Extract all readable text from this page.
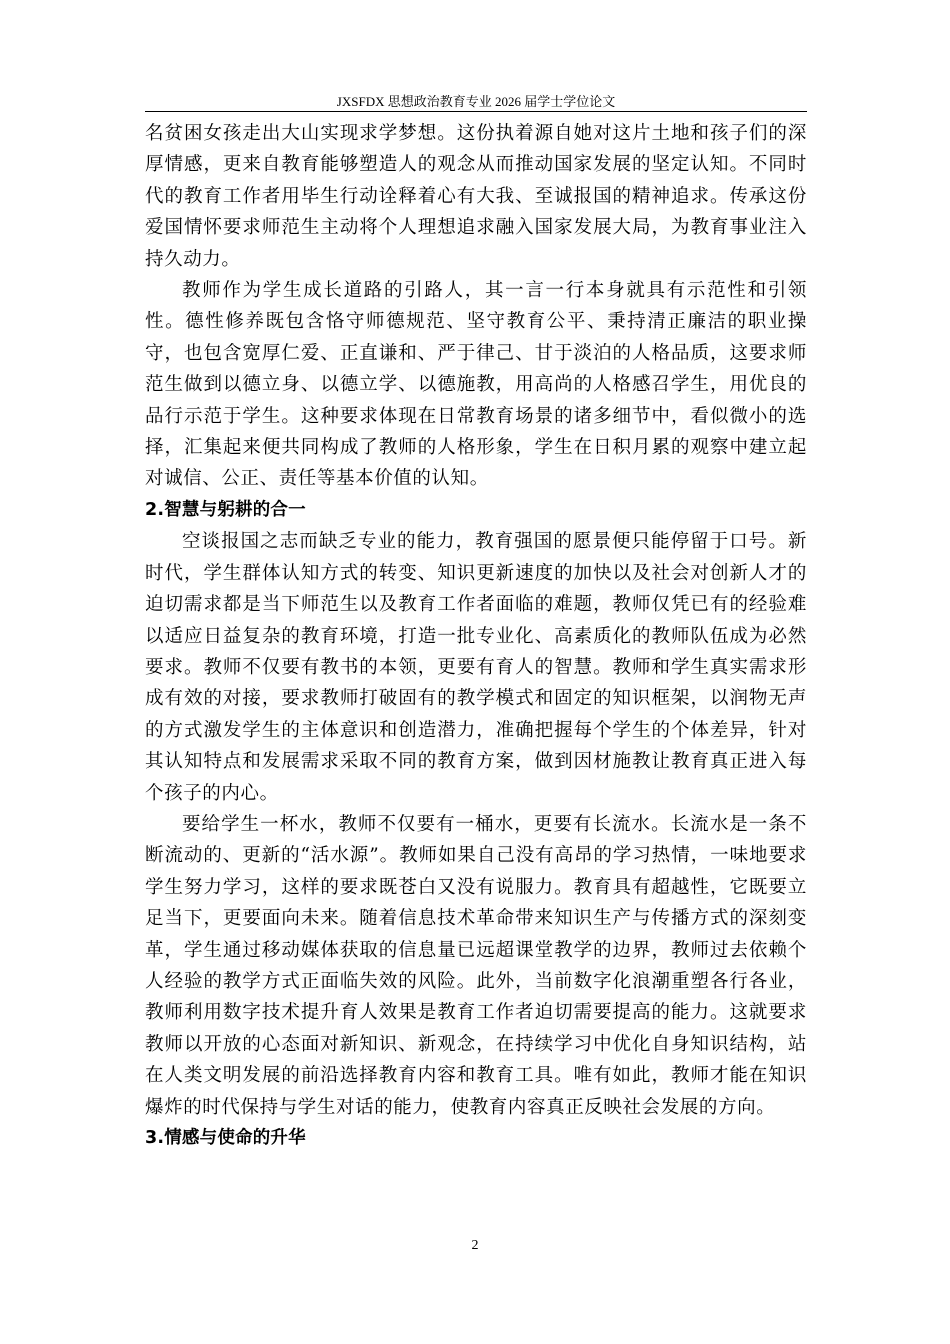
JXSFDX 思想政治教育专业 2026 届学士学位论文

名贫困女孩走出大山实现求学梦想。这份执着源自她对这片土地和孩子们的深厚情感，更来自教育能够塑造人的观念从而推动国家发展的坚定认知。不同时代的教育工作者用毕生行动诠释着心有大我、至诚报国的精神追求。传承这份爱国情怀要求师范生主动将个人理想追求融入国家发展大局，为教育事业注入持久动力。

教师作为学生成长道路的引路人，其一言一行本身就具有示范性和引领性。德性修养既包含恪守师德规范、坚守教育公平、秉持清正廉洁的职业操守，也包含宽厚仁爱、正直谦和、严于律己、甘于淡泊的人格品质，这要求师范生做到以德立身、以德立学、以德施教，用高尚的人格感召学生，用优良的品行示范于学生。这种要求体现在日常教育场景的诸多细节中，看似微小的选择，汇集起来便共同构成了教师的人格形象，学生在日积月累的观察中建立起对诚信、公正、责任等基本价值的认知。

2.智慧与躬耕的合一

空谈报国之志而缺乏专业的能力，教育强国的愿景便只能停留于口号。新时代，学生群体认知方式的转变、知识更新速度的加快以及社会对创新人才的迫切需求都是当下师范生以及教育工作者面临的难题，教师仅凭已有的经验难以适应日益复杂的教育环境，打造一批专业化、高素质化的教师队伍成为必然要求。教师不仅要有教书的本领，更要有育人的智慧。教师和学生真实需求形成有效的对接，要求教师打破固有的教学模式和固定的知识框架，以润物无声的方式激发学生的主体意识和创造潜力，准确把握每个学生的个体差异，针对其认知特点和发展需求采取不同的教育方案，做到因材施教让教育真正进入每个孩子的内心。

要给学生一杯水，教师不仅要有一桶水，更要有长流水。长流水是一条不断流动的、更新的“活水源”。教师如果自己没有高昂的学习热情，一味地要求学生努力学习，这样的要求既苍白又没有说服力。教育具有超越性，它既要立足当下，更要面向未来。随着信息技术革命带来知识生产与传播方式的深刻变革，学生通过移动媒体获取的信息量已远超课堂教学的边界，教师过去依赖个人经验的教学方式正面临失效的风险。此外，当前数字化浪潮重塑各行各业，教师利用数字技术提升育人效果是教育工作者迫切需要提高的能力。这就要求教师以开放的心态面对新知识、新观念，在持续学习中优化自身知识结构，站在人类文明发展的前沿选择教育内容和教育工具。唯有如此，教师才能在知识爆炸的时代保持与学生对话的能力，使教育内容真正反映社会发展的方向。

3.情感与使命的升华

2
